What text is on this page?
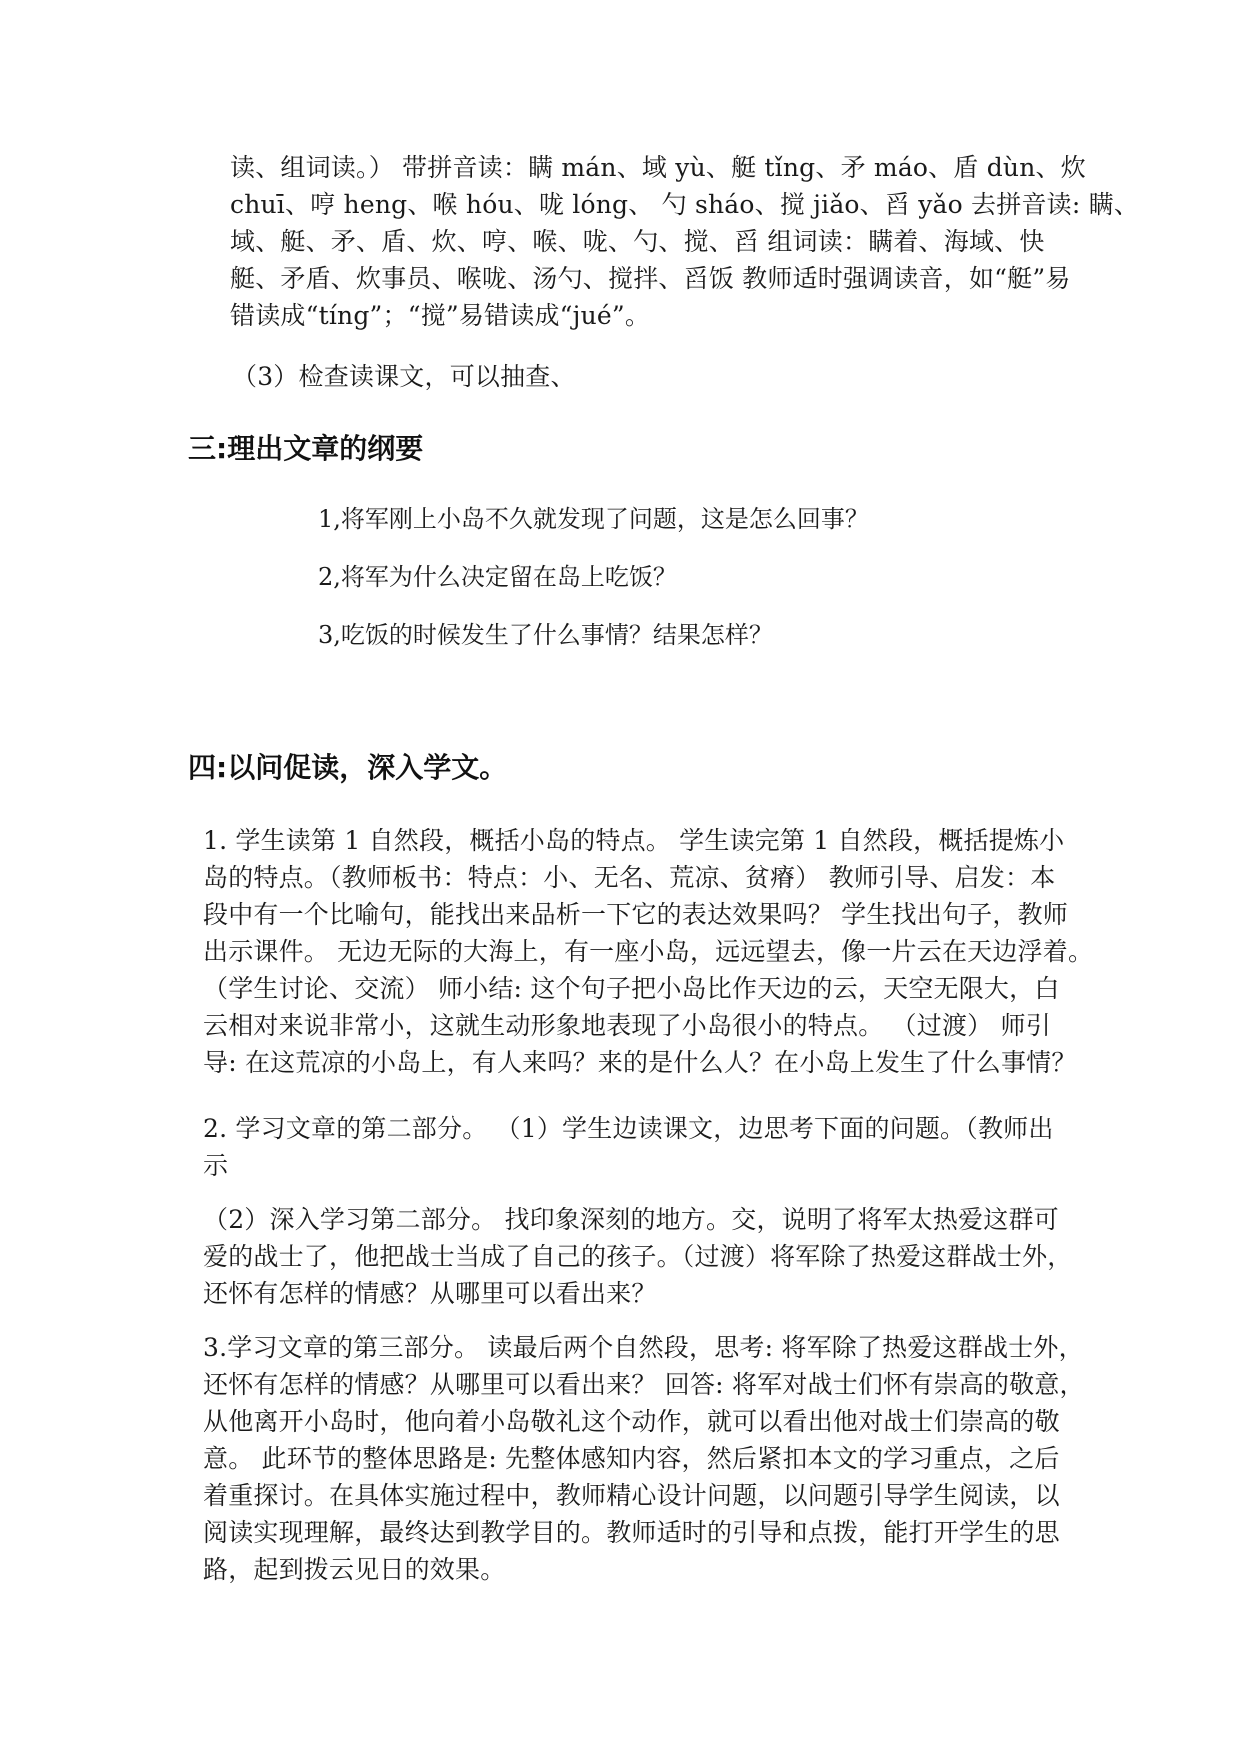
读、组词读。） 带拼音读：瞒 mán、域 yù、艇 tǐng、矛 máo、盾 dùn、炊
chuī、哼 heng、喉 hóu、咙 lóng、 勺 sháo、搅 jiǎo、舀 yǎo 去拼音读: 瞒、
域、艇、矛、盾、炊、哼、喉、咙、勺、搅、舀 组词读：瞒着、海域、快
艇、矛盾、炊事员、喉咙、汤勺、搅拌、舀饭 教师适时强调读音，如“艇”易
错读成“tíng”；“搅”易错读成“jué”。

（3）检查读课文，可以抽查、

三:理出文章的纲要

1,将军刚上小岛不久就发现了问题，这是怎么回事？

2,将军为什么决定留在岛上吃饭？

3,吃饭的时候发生了什么事情？结果怎样？

四:以问促读，深入学文。
1. 学生读第 1 自然段，概括小岛的特点。 学生读完第 1 自然段，概括提炼小
岛的特点。（教师板书：特点：小、无名、荒凉、贫瘠） 教师引导、启发：本
段中有一个比喻句，能找出来品析一下它的表达效果吗？ 学生找出句子，教师
出示课件。 无边无际的大海上，有一座小岛，远远望去，像一片云在天边浮着。
（学生讨论、交流） 师小结: 这个句子把小岛比作天边的云，天空无限大，白
云相对来说非常小，这就生动形象地表现了小岛很小的特点。 （过渡） 师引
导: 在这荒凉的小岛上，有人来吗？来的是什么人？在小岛上发生了什么事情？
2. 学习文章的第二部分。 （1）学生边读课文，边思考下面的问题。（教师出
示
（2）深入学习第二部分。 找印象深刻的地方。交，说明了将军太热爱这群可
爱的战士了，他把战士当成了自己的孩子。（过渡）将军除了热爱这群战士外，
还怀有怎样的情感？从哪里可以看出来？
3.学习文章的第三部分。 读最后两个自然段，思考: 将军除了热爱这群战士外，
还怀有怎样的情感？从哪里可以看出来？ 回答: 将军对战士们怀有崇高的敬意，
从他离开小岛时，他向着小岛敬礼这个动作，就可以看出他对战士们崇高的敬
意。 此环节的整体思路是: 先整体感知内容，然后紧扣本文的学习重点，之后
着重探讨。在具体实施过程中，教师精心设计问题，以问题引导学生阅读，以
阅读实现理解，最终达到教学目的。教师适时的引导和点拨，能打开学生的思
路，起到拨云见日的效果。
